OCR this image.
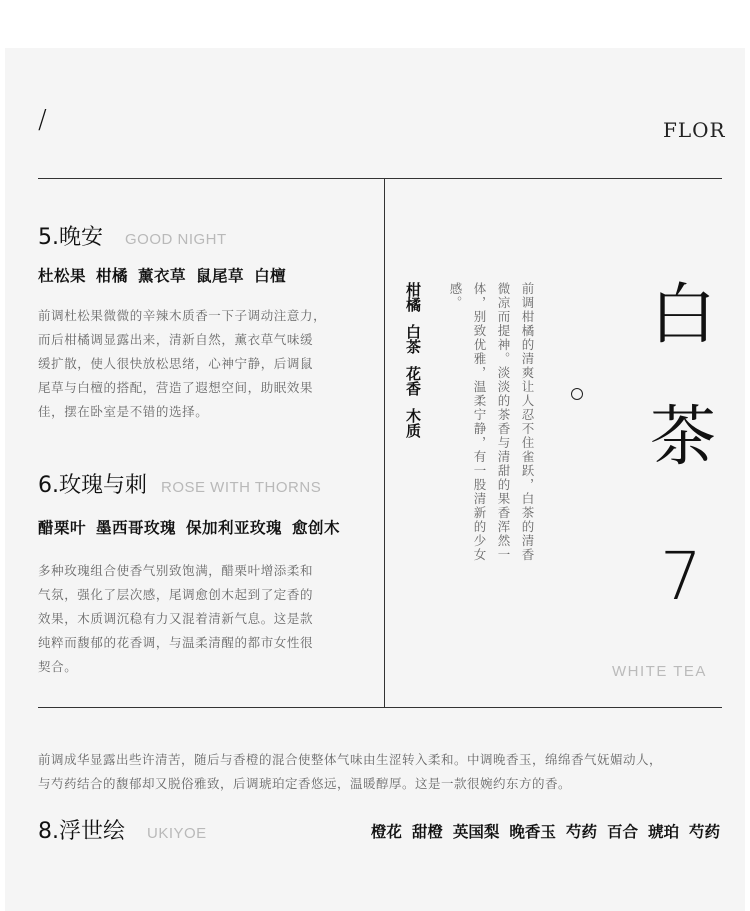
/	FLOR
5.晚安 GOOD NIGHT
杜松果 柑橘 薰衣草 鼠尾草 白檀
前调杜松果微微的辛辣木质香一下子调动注意力，
而后柑橘调显露出来，清新自然，薰衣草气味缓
缓扩散，使人很快放松思绪，心神宁静，后调鼠
尾草与白檀的搭配，营造了遐想空间，助眠效果
佳，摆在卧室是不错的选择。
6.玫瑰与刺 ROSE WITH THORNS
醋栗叶 墨西哥玫瑰 保加利亚玫瑰 愈创木
多种玫瑰组合使香气别致饱满，醋栗叶增添柔和
气氛，强化了层次感，尾调愈创木起到了定香的
效果，木质调沉稳有力又混着清新气息。这是款
纯粹而馥郁的花香调，与温柔清醒的都市女性很
契合。
柑橘
白茶
花香
木质	前调柑橘的清爽让人忍不住雀跃，白茶的清香
微凉而提神。淡淡的茶香与清甜的果香浑然一
体，别致优雅，温柔宁静，有一股清新的少女
感。	白
茶
7
WHITE TEA
前调成华显露出些许清苦，随后与香橙的混合使整体气味由生涩转入柔和。中调晚香玉，绵绵香气妩媚动人，
与芍药结合的馥郁却又脱俗雅致，后调琥珀定香悠远，温暖醇厚。这是一款很婉约东方的香。
8.浮世绘 UKIYOE	橙花 甜橙 英国梨 晚香玉 芍药 百合 琥珀 芍药
